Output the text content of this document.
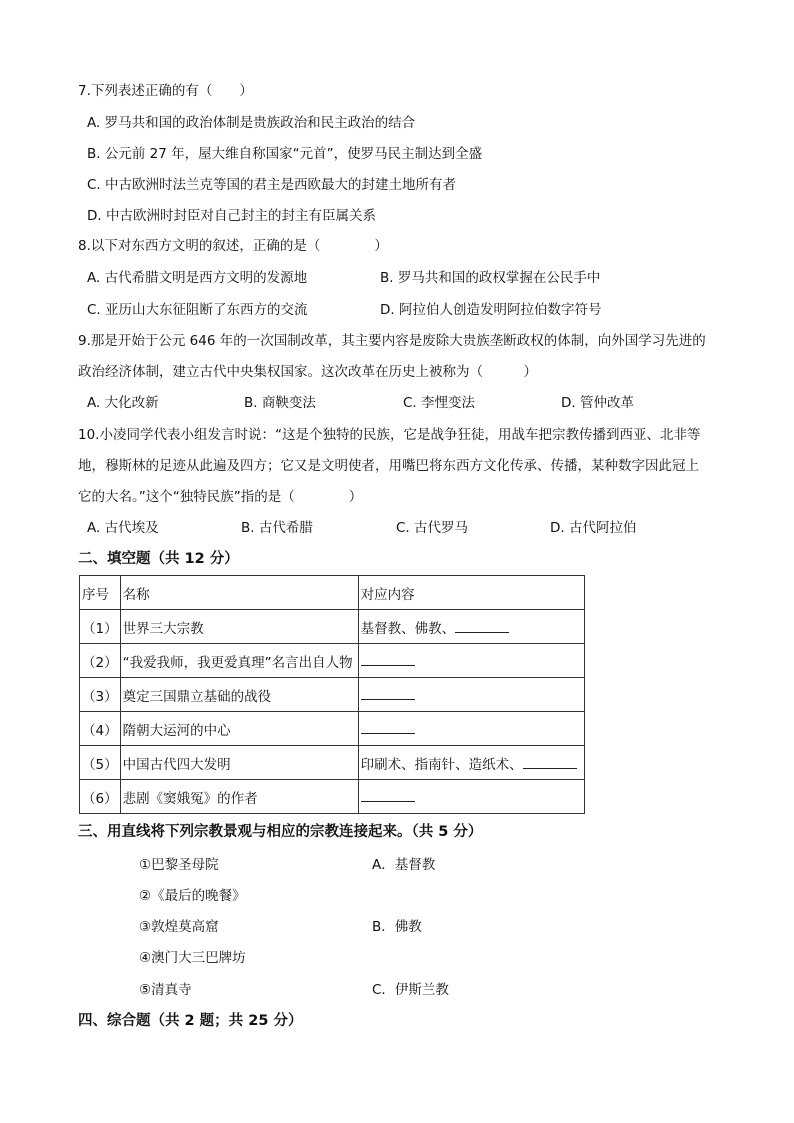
7.下列表述正确的有（　　）
A. 罗马共和国的政治体制是贵族政治和民主政治的结合
B. 公元前 27 年，屋大维自称国家“元首”，使罗马民主制达到全盛
C. 中古欧洲时法兰克等国的君主是西欧最大的封建土地所有者
D. 中古欧洲时封臣对自己封主的封主有臣属关系
8.以下对东西方文明的叙述，正确的是（　　　　）
A. 古代希腊文明是西方文明的发源地	B. 罗马共和国的政权掌握在公民手中
C. 亚历山大东征阻断了东西方的交流	D. 阿拉伯人创造发明阿拉伯数字符号
9.那是开始于公元 646 年的一次国制改革，其主要内容是废除大贵族垄断政权的体制，向外国学习先进的
政治经济体制，建立古代中央集权国家。这次改革在历史上被称为（　　　）
A. 大化改新	B. 商鞅变法	C. 李悝变法	D. 管仲改革
10.小凌同学代表小组发言时说：“这是个独特的民族，它是战争狂徒，用战车把宗教传播到西亚、北非等
地，穆斯林的足迹从此遍及四方；它又是文明使者，用嘴巴将东西方文化传承、传播，某种数字因此冠上
它的大名。”这个“独特民族”指的是（　　　　）
A. 古代埃及	B. 古代希腊	C. 古代罗马	D. 古代阿拉伯
二、填空题（共 12 分）
序号	名称	对应内容
（1）	世界三大宗教	基督教、佛教、
（2）	“我爱我师，我更爱真理”名言出自人物	
（3）	奠定三国鼎立基础的战役	
（4）	隋朝大运河的中心	
（5）	中国古代四大发明	印刷术、指南针、造纸术、
（6）	悲剧《窦娥冤》的作者	
三、用直线将下列宗教景观与相应的宗教连接起来。（共 5 分）
①巴黎圣母院	A．基督教
②《最后的晚餐》
③敦煌莫高窟	B．佛教
④澳门大三巴牌坊
⑤清真寺	C．伊斯兰教
四、综合题（共 2 题；共 25 分）
